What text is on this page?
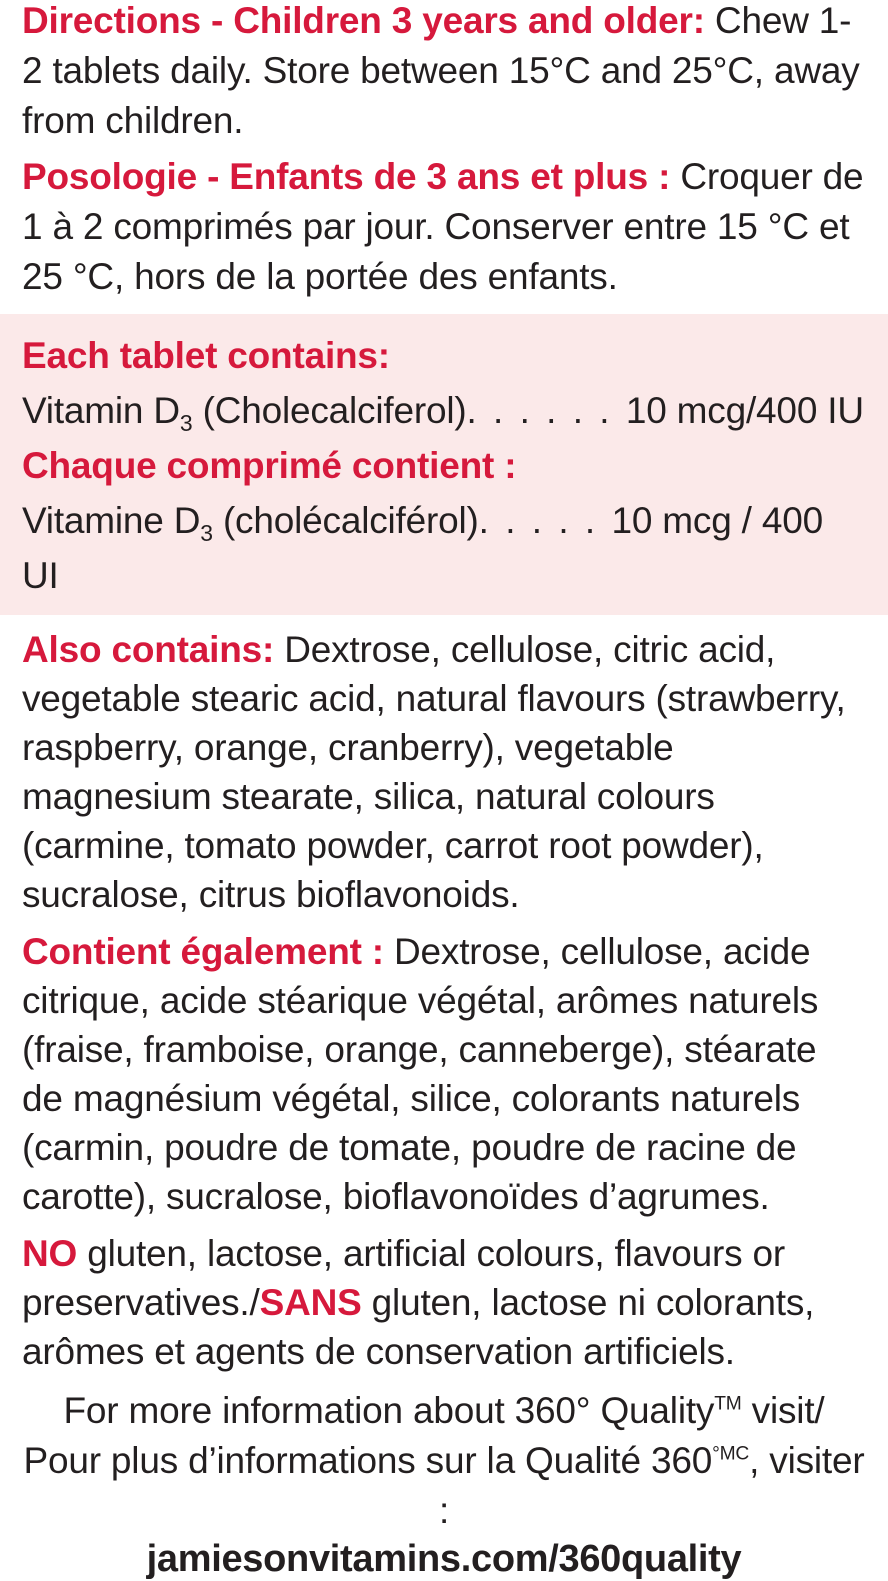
Directions - Children 3 years and older: Chew 1-2 tablets daily. Store between 15°C and 25°C, away from children.

Posologie - Enfants de 3 ans et plus : Croquer de 1 à 2 comprimés par jour. Conserver entre 15 °C et 25 °C, hors de la portée des enfants.

Each tablet contains:

Vitamin $D_3$ (Cholecalciferol). . . . . . 10 mcg/400 IU

Chaque comprimé contient :

Vitamine $D_3$ (cholécalciférol). . . . . 10 mcg / 400 UI

Also contains: Dextrose, cellulose, citric acid, vegetable stearic acid, natural flavours (strawberry, raspberry, orange, cranberry), vegetable magnesium stearate, silica, natural colours (carmine, tomato powder, carrot root powder), sucralose, citrus bioflavonoids.

Contient également : Dextrose, cellulose, acide citrique, acide stéarique végétal, arômes naturels (fraise, framboise, orange, canneberge), stéarate de magnésium végétal, silice, colorants naturels (carmin, poudre de tomate, poudre de racine de carotte), sucralose, bioflavonoïdes d’agrumes.

NO gluten, lactose, artificial colours, flavours or preservatives./SANS gluten, lactose ni colorants, arômes et agents de conservation artificiels.

For more information about 360° Quality™ visit/

Pour plus d’informations sur la Qualité $360^{^\circ MC}$, visiter :

jamiesonvitamins.com/360quality
